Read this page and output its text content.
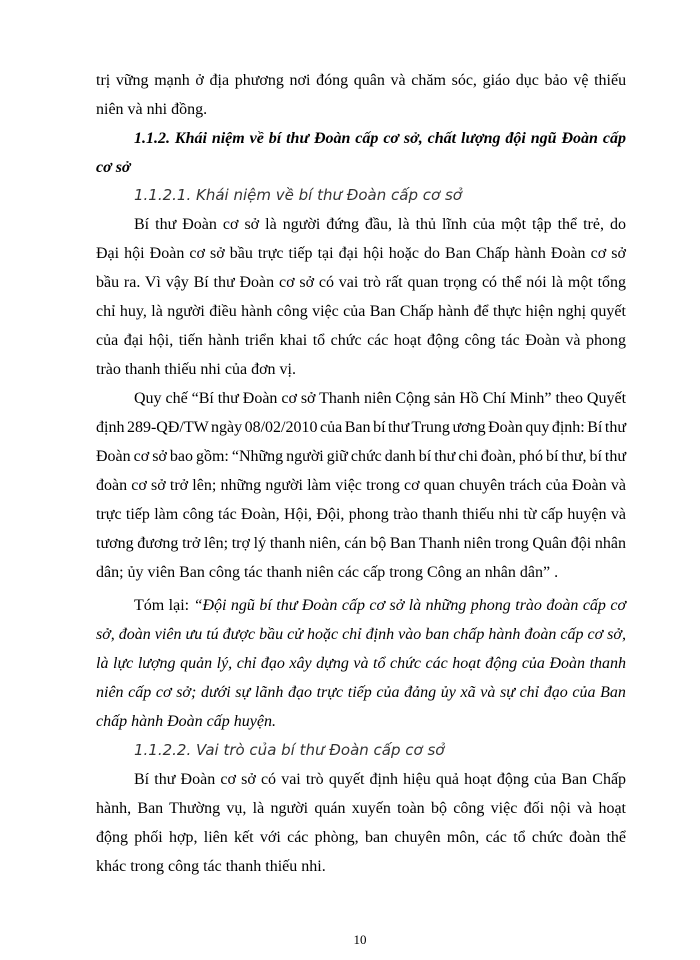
trị vững mạnh ở địa phương nơi đóng quân và chăm sóc, giáo dục bảo vệ thiếu
niên và nhi đồng.
1.1.2. Khái niệm về bí thư Đoàn cấp cơ sở, chất lượng đội ngũ Đoàn cấp
cơ sở
1.1.2.1. Khái niệm về bí thư Đoàn cấp cơ sở
Bí thư Đoàn cơ sở là người đứng đầu, là thủ lĩnh của một tập thể trẻ, do
Đại hội Đoàn cơ sở bầu trực tiếp tại đại hội hoặc do Ban Chấp hành Đoàn cơ sở
bầu ra. Vì vậy Bí thư Đoàn cơ sở có vai trò rất quan trọng có thể nói là một tổng
chỉ huy, là người điều hành công việc của Ban Chấp hành để thực hiện nghị quyết
của đại hội, tiến hành triển khai tổ chức các hoạt động công tác Đoàn và phong
trào thanh thiếu nhi của đơn vị.
Quy chế “Bí thư Đoàn cơ sở Thanh niên Cộng sản Hồ Chí Minh” theo Quyết
định 289-QĐ/TW ngày 08/02/2010 của Ban bí thư Trung ương Đoàn quy định: Bí thư
Đoàn cơ sở bao gồm: “Những người giữ chức danh bí thư chi đoàn, phó bí thư, bí thư
đoàn cơ sở trở lên; những người làm việc trong cơ quan chuyên trách của Đoàn và
trực tiếp làm công tác Đoàn, Hội, Đội, phong trào thanh thiếu nhi từ cấp huyện và
tương đương trở lên; trợ lý thanh niên, cán bộ Ban Thanh niên trong Quân đội nhân
dân; ủy viên Ban công tác thanh niên các cấp trong Công an nhân dân” .
Tóm lại: “Đội ngũ bí thư Đoàn cấp cơ sở là những phong trào đoàn cấp cơ
sở, đoàn viên ưu tú được bầu cử hoặc chỉ định vào ban chấp hành đoàn cấp cơ sở,
là lực lượng quản lý, chỉ đạo xây dựng và tổ chức các hoạt động của Đoàn thanh
niên cấp cơ sở; dưới sự lãnh đạo trực tiếp của đảng ủy xã và sự chỉ đạo của Ban
chấp hành Đoàn cấp huyện.
1.1.2.2. Vai trò của bí thư Đoàn cấp cơ sở
Bí thư Đoàn cơ sở có vai trò quyết định hiệu quả hoạt động của Ban Chấp
hành, Ban Thường vụ, là người quán xuyến toàn bộ công việc đối nội và hoạt
động phối hợp, liên kết với các phòng, ban chuyên môn, các tổ chức đoàn thể
khác trong công tác thanh thiếu nhi.
10
